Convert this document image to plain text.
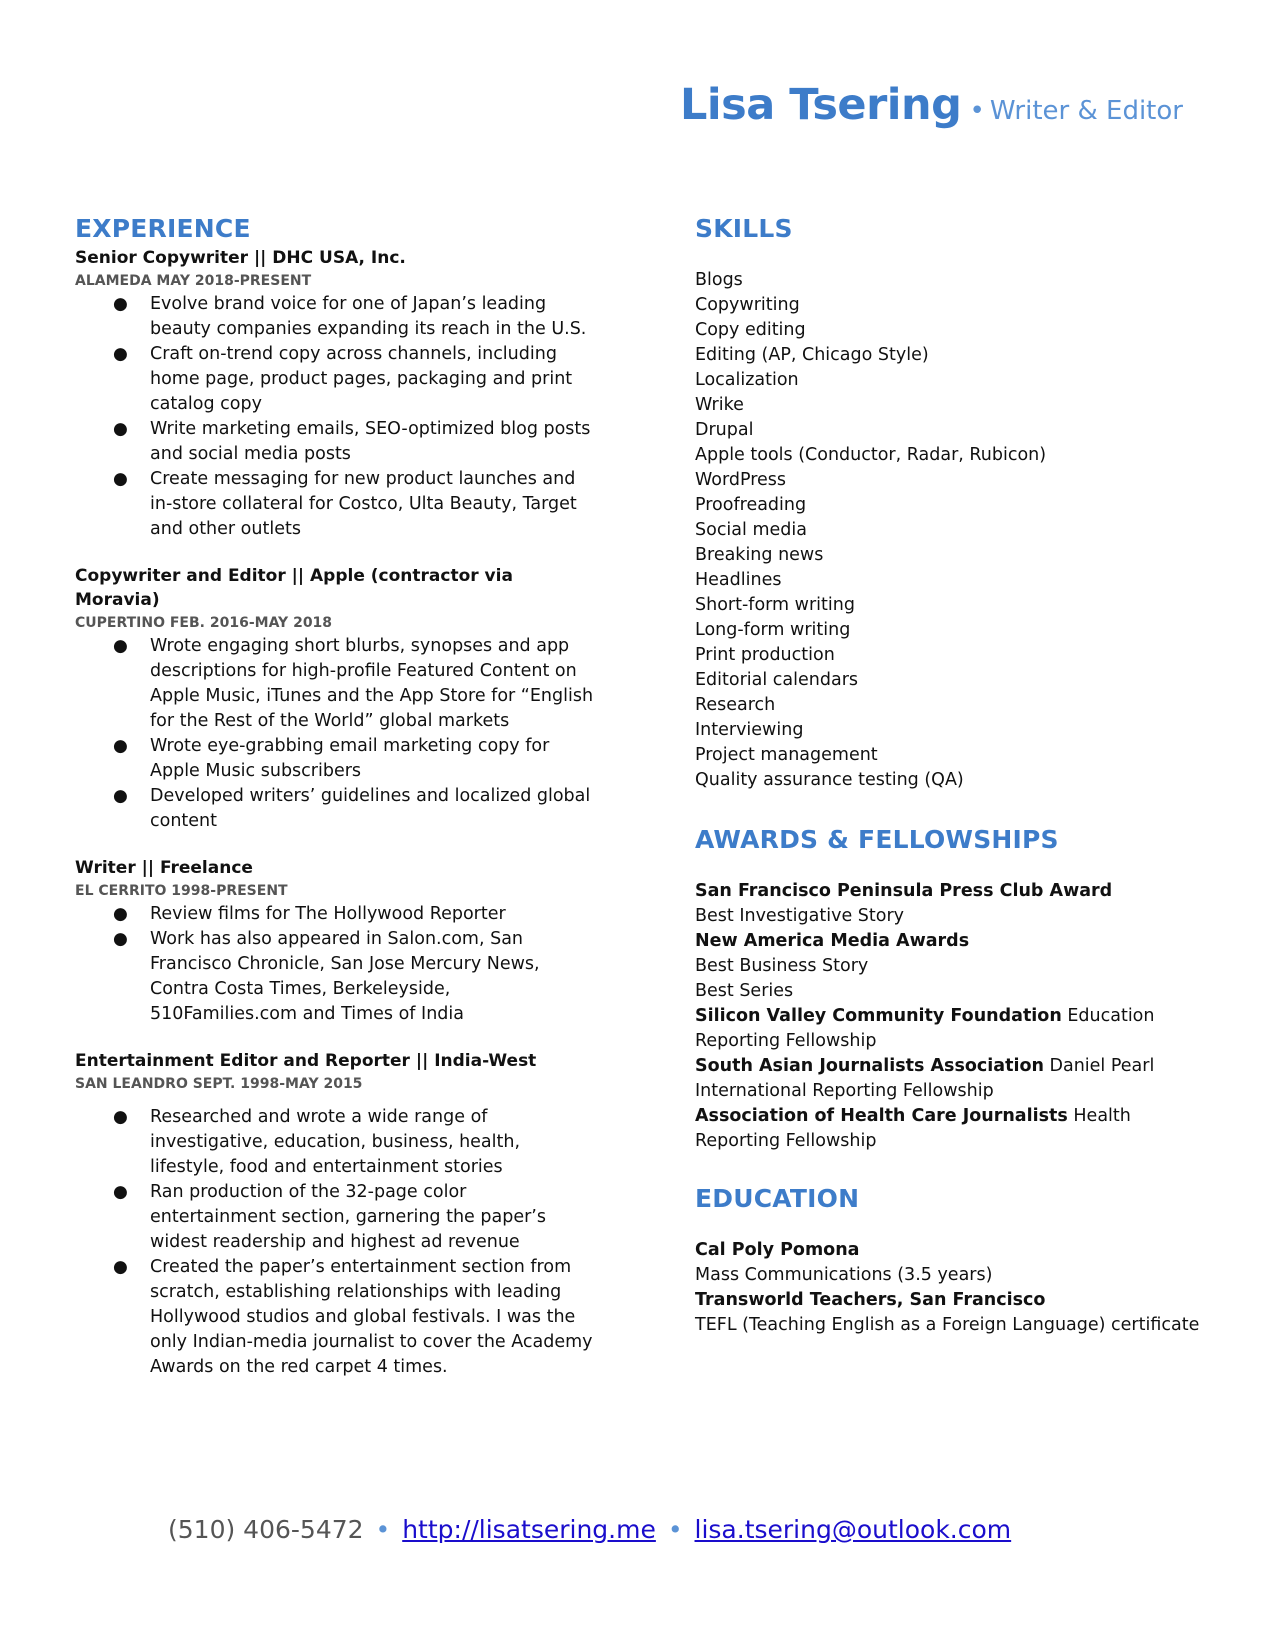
Lisa Tsering • Writer & Editor
EXPERIENCE
Senior Copywriter || DHC USA, Inc.
ALAMEDA MAY 2018-PRESENT
● Evolve brand voice for one of Japan’s leading beauty companies expanding its reach in the U.S.
● Craft on-trend copy across channels, including home page, product pages, packaging and print catalog copy
● Write marketing emails, SEO-optimized blog posts and social media posts
● Create messaging for new product launches and in-store collateral for Costco, Ulta Beauty, Target and other outlets
Copywriter and Editor || Apple (contractor via Moravia)
CUPERTINO FEB. 2016-MAY 2018
● Wrote engaging short blurbs, synopses and app descriptions for high-profile Featured Content on Apple Music, iTunes and the App Store for “English for the Rest of the World” global markets
● Wrote eye-grabbing email marketing copy for Apple Music subscribers
● Developed writers’ guidelines and localized global content
Writer || Freelance
EL CERRITO 1998-PRESENT
● Review films for The Hollywood Reporter
● Work has also appeared in Salon.com, San Francisco Chronicle, San Jose Mercury News, Contra Costa Times, Berkeleyside, 510Families.com and Times of India
Entertainment Editor and Reporter || India-West
SAN LEANDRO SEPT. 1998-MAY 2015
● Researched and wrote a wide range of investigative, education, business, health, lifestyle, food and entertainment stories
● Ran production of the 32-page color entertainment section, garnering the paper’s widest readership and highest ad revenue
● Created the paper’s entertainment section from scratch, establishing relationships with leading Hollywood studios and global festivals. I was the only Indian-media journalist to cover the Academy Awards on the red carpet 4 times.
SKILLS
Blogs
Copywriting
Copy editing
Editing (AP, Chicago Style)
Localization
Wrike
Drupal
Apple tools (Conductor, Radar, Rubicon)
WordPress
Proofreading
Social media
Breaking news
Headlines
Short-form writing
Long-form writing
Print production
Editorial calendars
Research
Interviewing
Project management
Quality assurance testing (QA)
AWARDS & FELLOWSHIPS
San Francisco Peninsula Press Club Award
Best Investigative Story
New America Media Awards
Best Business Story
Best Series
Silicon Valley Community Foundation Education Reporting Fellowship
South Asian Journalists Association Daniel Pearl International Reporting Fellowship
Association of Health Care Journalists Health Reporting Fellowship
EDUCATION
Cal Poly Pomona
Mass Communications (3.5 years)
Transworld Teachers, San Francisco
TEFL (Teaching English as a Foreign Language) certificate
(510) 406-5472 • http://lisatsering.me • lisa.tsering@outlook.com
